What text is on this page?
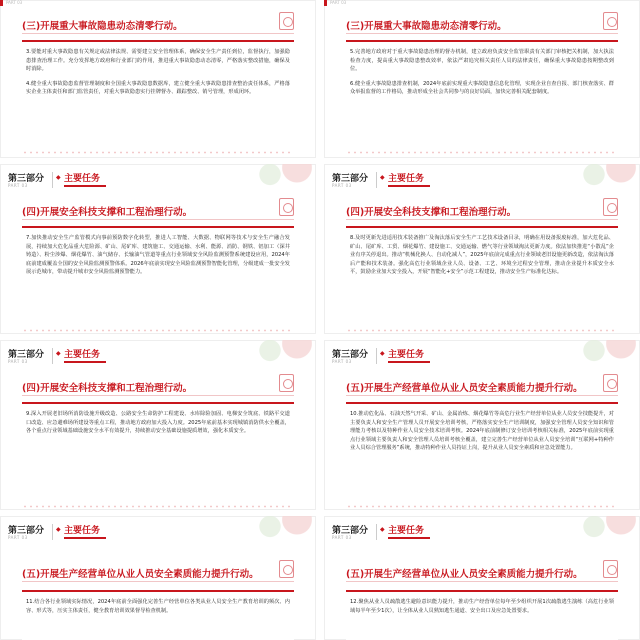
PART 03
(三)开展重大事故隐患动态清零行动。

3.要能对重大事故隐患有关规定或法律法规、需要建立安全管理体系，确保安全生产责任到位，监督执行，加强隐患排查治理工作。充分发挥地方政府和行业部门的作用，推进重大事故隐患动态清零，严格落实整改措施，确保及时消除。

4.健全重大事故隐患监督管理制度和全国重大事故隐患数据库，建立健全重大事故隐患排查整治责任体系，严格落实企业主体责任和部门监管责任，对重大事故隐患实行挂牌督办、跟踪整改、销号管理，形成闭环。

PART 03
(三)开展重大事故隐患动态清零行动。

5.完善地方政府对于重大事故隐患治理的督办机制，建立政府负责安全监管职责有关部门审核把关机制，加大执法检查力度，提高重大事故隐患整改效率，依法严肃追究相关责任人员的法律责任，确保重大事故隐患按期整改到位。

6.健全重大事故隐患排查机制，2024年底前实现重大事故隐患信息化管理，实现企业自查自报、部门核查落实、群众举报监督的工作格局，推动形成全社会共同参与的良好局面，加快完善相关配套制度。

第三部分
PART 03
◆ 主要任务
(四)开展安全科技支撑和工程治理行动。

7.加快推动安全生产监管模式向事前预防数字化转型，推进人工智能、大数据、物联网等技术与安全生产融合发展，持续加大危化品重大危险源、矿山、尾矿库、建筑施工、交通运输、水利、能源、消防、钢铁、铝加工（深井铸造）、粉尘涉爆、烟花爆竹、油气储存、长输油气管道等重点行业领域安全风险监测预警系统建设应用，2024年底前建成覆盖全国的安全风险监测预警体系。2026年底前实现安全风险监测预警智能化管理，分级建成一批安全发展示范城市，带动提升城市安全风险监测预警能力。

第三部分
PART 03
◆ 主要任务
(四)开展安全科技支撑和工程治理行动。

8.及时更新先进适用技术装备推广及淘汰落后安全生产工艺技术设备目录，明确在用设备报废标准，加大危化品、矿山、尾矿库、工贸、烟花爆竹、建设施工、交通运输、燃气等行业领域淘汰更新力度。依法加快推进“小散乱”企业有序关停退出。推动“机械化换人、自动化减人”，2025年底前完成重点行业领域老旧设施更新改造，依法淘汰落后产能和技术装备。强化高危行业领域企业人员、设备、工艺、环境全过程安全管理，推动企业提升本质安全水平，鼓励企业加大安全投入，开展“智能化+安全”示范工程建设，推动安全生产标准化达标。

第三部分
PART 03
◆ 主要任务
(四)开展安全科技支撑和工程治理行动。

9.深入开展老旧场所消防设施升级改造、公路安全生命防护工程建设、水库除险加固、电梯安全筑底、铁路平交道口改造、应急避难场所建设等重点工程，推动地方政府加大投入力度。2025年底前基本实现城镇消防供水全覆盖，各个重点行业领域基础设施安全水平有效提升，持续推动安全基础设施提质增效，强化本质安全。

第三部分
PART 03
◆ 主要任务
(五)开展生产经营单位从业人员安全素质能力提升行动。

10.推动危化品、石油天然气开采、矿山、金属冶炼、烟花爆竹等高危行业生产经营单位从业人员安全技能提升，对主要负责人和安全生产管理人员开展安全培训考核，严格落实安全生产培训制度，加强安全管理人员安全知识和管理能力考核以及特种作业人员安全技术培训考核。2024年底前制修订安全培训考核相关标准，2025年底前实现重点行业领域主要负责人和安全管理人员培训考核全覆盖，建立完善生产经营单位从业人员安全培训“互联网+特种作业人员综合管理服务”系统，推动特种作业人员持证上岗，提升从业人员安全素质和应急处置能力。

第三部分
PART 03
◆ 主要任务
(五)开展生产经营单位从业人员安全素质能力提升行动。

11.结合各行业领域实际情况，2024年底前全面强化完善生产经营单位各类从业人员安全生产教育培训的频次、内容、形式等，压实主体责任，健全教育培训效果督导检查机制。

第三部分
PART 03
◆ 主要任务
(五)开展生产经营单位从业人员安全素质能力提升行动。

12.聚焦从业人员疏散逃生避险意识能力提升，推动生产经营单位每年至少组织开展1次疏散逃生演练（高危行业领域每半年至少1次），让全体从业人员熟知逃生通道、安全出口及应急处置要求。
